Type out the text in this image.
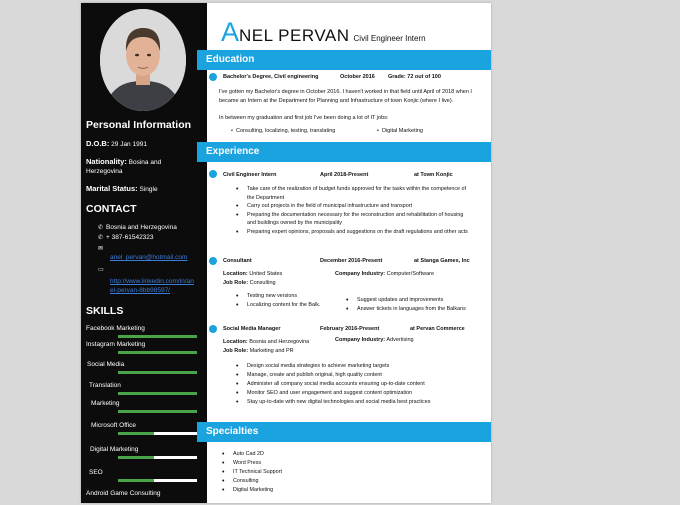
Personal Information
D.O.B: 29 Jan 1991
Nationality: Bosina and Herzegovina
Marital Status: Single
CONTACT
✆ Bosnia and Herzegovina
✆ + 387-61542323
✉
anel_pervan@hotmail.com
▭
http://www.linkedin.com/in/an el-pervan-8bb98597/
SKILLS
Facebook Marketing
Instagram Marketing
Social Media
Translation
Marketing
Microsoft Office
Digital Marketing
SEO
Android Game Consulting
ANEL PERVAN Civil Engineer Intern
Education
Bachelor's Degree, Civil engineering	October 2016 Grade: 72 out of 100
I've gotten my Bachelor's degree in October 2016. I haven't worked in that field until April of 2018 when I became an Intern at the Department for Planning and Infrastructure of town Konjic (where I live).
In between my graduation and first job I've been doing a lot of IT jobs:
•  Consulting, localizing, testing, translating	•  Digital Marketing
Experience
Civil Engineer Intern	April 2018-Present	at Town Konjic
• Take care of the realization of budget funds approved for the tasks within the competence of the Department
• Carry out projects in the field of municipal infrastructure and transport
• Preparing the documentation necessary for the reconstruction and rehabilitation of housing and buildings owned by the municipality
• Preparing expert opinions, proposals and suggestions on the draft regulations and other acts
Consultant	December 2016-Present	at Stanga Games, Inc
Location: United States	Company Industry: Computer/Software
Job Role: Consulting
• Testing new versions
• Localizing content for the Balk.
• Suggest updates and improvements
• Answer tickets in languages from the Balkans
Social Media Manager	February 2016-Present	at Pervan Commerce
Location: Bosnia and Herzegovina	Company Industry: Advertising
Job Role: Marketing and PR
• Design social media strategies to achieve marketing targets
• Manage, create and publish original, high quality content
• Administer all company social media accounts ensuring up-to-date content
• Monitor SEO and user engagement and suggest content optimization
• Stay up-to-date with new digital technologies and social media best practices
Specialties
• Auto Cad 2D
• Word Press
• IT Technical Support
• Consulting
• Digital Marketing
